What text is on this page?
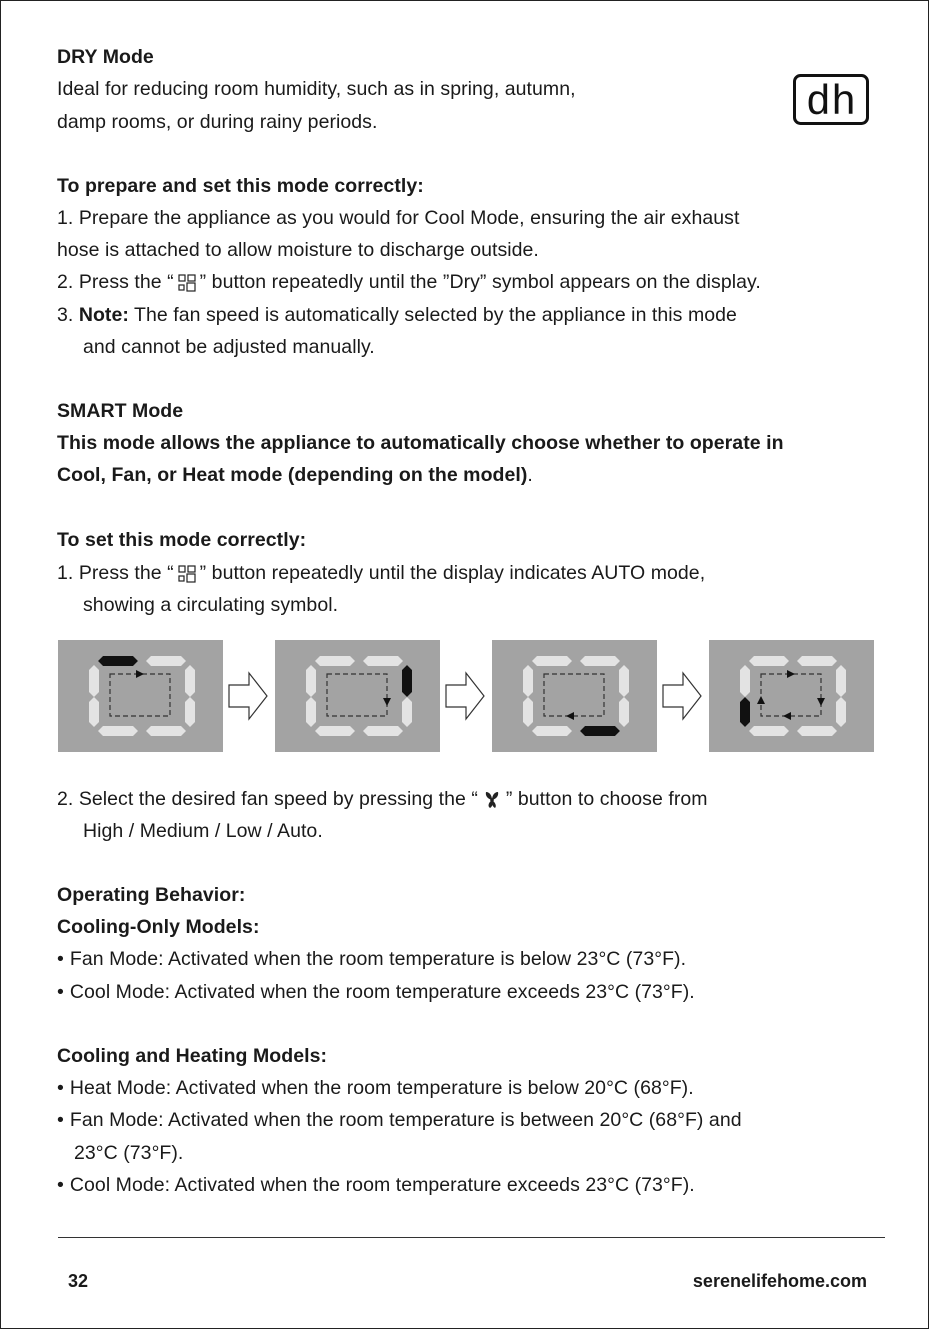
DRY Mode
Ideal for reducing room humidity, such as in spring, autumn,
damp rooms, or during rainy periods.	dh
To prepare and set this mode correctly:
1. Prepare the appliance as you would for Cool Mode, ensuring the air exhaust
hose is attached to allow moisture to discharge outside.
2. Press the “ ” button repeatedly until the ”Dry” symbol appears on the display.
3. Note: The fan speed is automatically selected by the appliance in this mode
and cannot be adjusted manually.
SMART Mode
This mode allows the appliance to automatically choose whether to operate in
Cool, Fan, or Heat mode (depending on the model).
To set this mode correctly:
1. Press the “ ” button repeatedly until the display indicates AUTO mode,
showing a circulating symbol.
2. Select the desired fan speed by pressing the “ ” button to choose from
High / Medium / Low / Auto.
Operating Behavior:
Cooling-Only Models:
• Fan Mode: Activated when the room temperature is below 23°C (73°F).
• Cool Mode: Activated when the room temperature exceeds 23°C (73°F).
Cooling and Heating Models:
• Heat Mode: Activated when the room temperature is below 20°C (68°F).
• Fan Mode: Activated when the room temperature is between 20°C (68°F) and
23°C (73°F).
• Cool Mode: Activated when the room temperature exceeds 23°C (73°F).
32	serenelifehome.com
